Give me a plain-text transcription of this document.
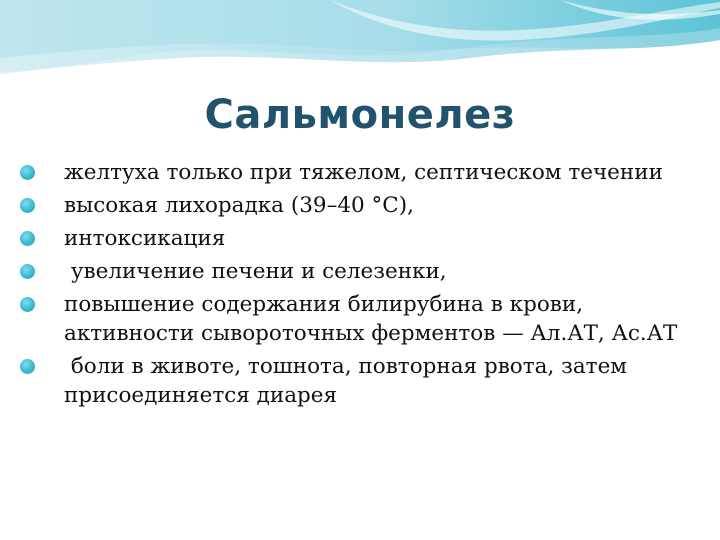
Сальмонелез
желтуха только при тяжелом, септическом течении
высокая лихорадка (39–40 °С),
интоксикация
увеличение печени и селезенки,
повышение содержания билирубина в крови, активности сывороточных ферментов — Ал.АТ, Ас.АТ
боли в животе, тошнота, повторная рвота, затем присоединяется диарея
